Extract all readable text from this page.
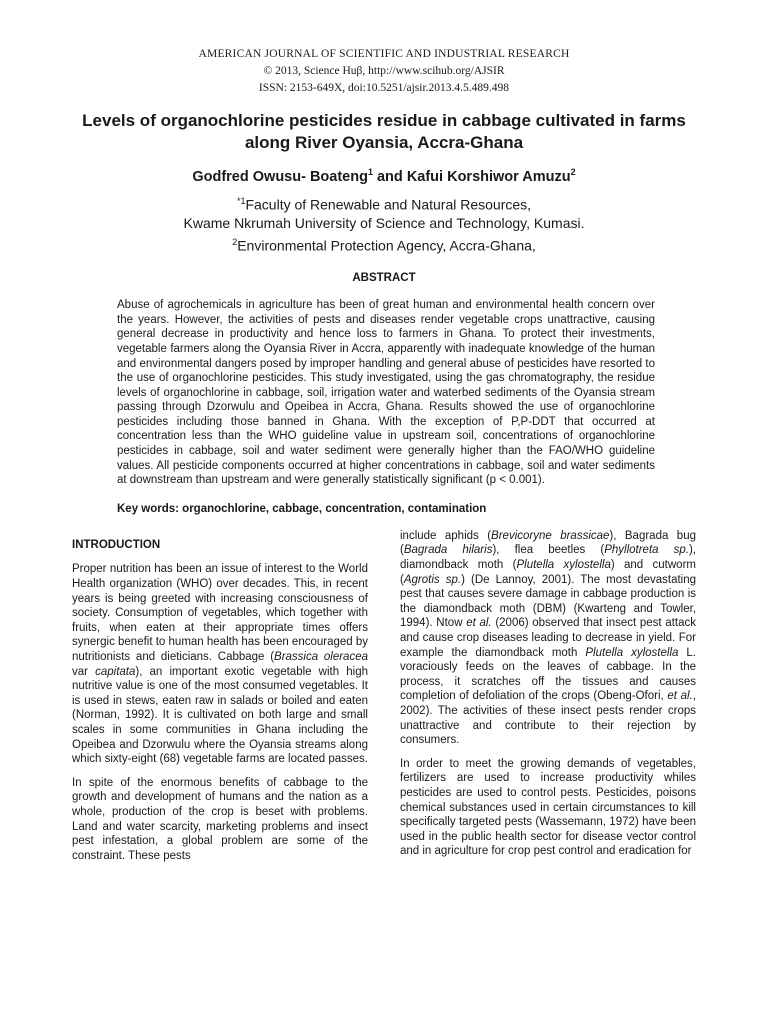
AMERICAN JOURNAL OF SCIENTIFIC AND INDUSTRIAL RESEARCH
© 2013, Science Huβ, http://www.scihub.org/AJSIR
ISSN: 2153-649X, doi:10.5251/ajsir.2013.4.5.489.498
Levels of organochlorine pesticides residue in cabbage cultivated in farms along River Oyansia, Accra-Ghana
Godfred Owusu- Boateng$^1$ and Kafui Korshiwor Amuzu$^2$
$^{*1}$Faculty of Renewable and Natural Resources,
Kwame Nkrumah University of Science and Technology, Kumasi.
$^2$Environmental Protection Agency, Accra-Ghana,
ABSTRACT
Abuse of agrochemicals in agriculture has been of great human and environmental health concern over the years. However, the activities of pests and diseases render vegetable crops unattractive, causing general decrease in productivity and hence loss to farmers in Ghana. To protect their investments, vegetable farmers along the Oyansia River in Accra, apparently with inadequate knowledge of the human and environmental dangers posed by improper handling and general abuse of pesticides have resorted to the use of organochlorine pesticides. This study investigated, using the gas chromatography, the residue levels of organochlorine in cabbage, soil, irrigation water and waterbed sediments of the Oyansia stream passing through Dzorwulu and Opeibea in Accra, Ghana. Results showed the use of organochlorine pesticides including those banned in Ghana. With the exception of P,P-DDT that occurred at concentration less than the WHO guideline value in upstream soil, concentrations of organochlorine pesticides in cabbage, soil and water sediment were generally higher than the FAO/WHO guideline values. All pesticide components occurred at higher concentrations in cabbage, soil and water sediments at downstream than upstream and were generally statistically significant (p < 0.001).
Key words: organochlorine, cabbage, concentration, contamination
INTRODUCTION

Proper nutrition has been an issue of interest to the World Health organization (WHO) over decades. This, in recent years is being greeted with increasing consciousness of society. Consumption of vegetables, which together with fruits, when eaten at their appropriate times offers synergic benefit to human health has been encouraged by nutritionists and dieticians. Cabbage (Brassica oleracea var capitata), an important exotic vegetable with high nutritive value is one of the most consumed vegetables. It is used in stews, eaten raw in salads or boiled and eaten (Norman, 1992). It is cultivated on both large and small scales in some communities in Ghana including the Opeibea and Dzorwulu where the Oyansia streams along which sixty-eight (68) vegetable farms are located passes.

In spite of the enormous benefits of cabbage to the growth and development of humans and the nation as a whole, production of the crop is beset with problems. Land and water scarcity, marketing problems and insect pest infestation, a global problem are some of the constraint. These pests

include aphids (Brevicoryne brassicae), Bagrada bug (Bagrada hilaris), flea beetles (Phyllotreta sp.), diamondback moth (Plutella xylostella) and cutworm (Agrotis sp.) (De Lannoy, 2001). The most devastating pest that causes severe damage in cabbage production is the diamondback moth (DBM) (Kwarteng and Towler, 1994). Ntow et al. (2006) observed that insect pest attack and cause crop diseases leading to decrease in yield. For example the diamondback moth Plutella xylostella L. voraciously feeds on the leaves of cabbage. In the process, it scratches off the tissues and causes completion of defoliation of the crops (Obeng-Ofori, et al., 2002). The activities of these insect pests render crops unattractive and contribute to their rejection by consumers.

In order to meet the growing demands of vegetables, fertilizers are used to increase productivity whiles pesticides are used to control pests. Pesticides, poisons chemical substances used in certain circumstances to kill specifically targeted pests (Wassemann, 1972) have been used in the public health sector for disease vector control and in agriculture for crop pest control and eradication for
